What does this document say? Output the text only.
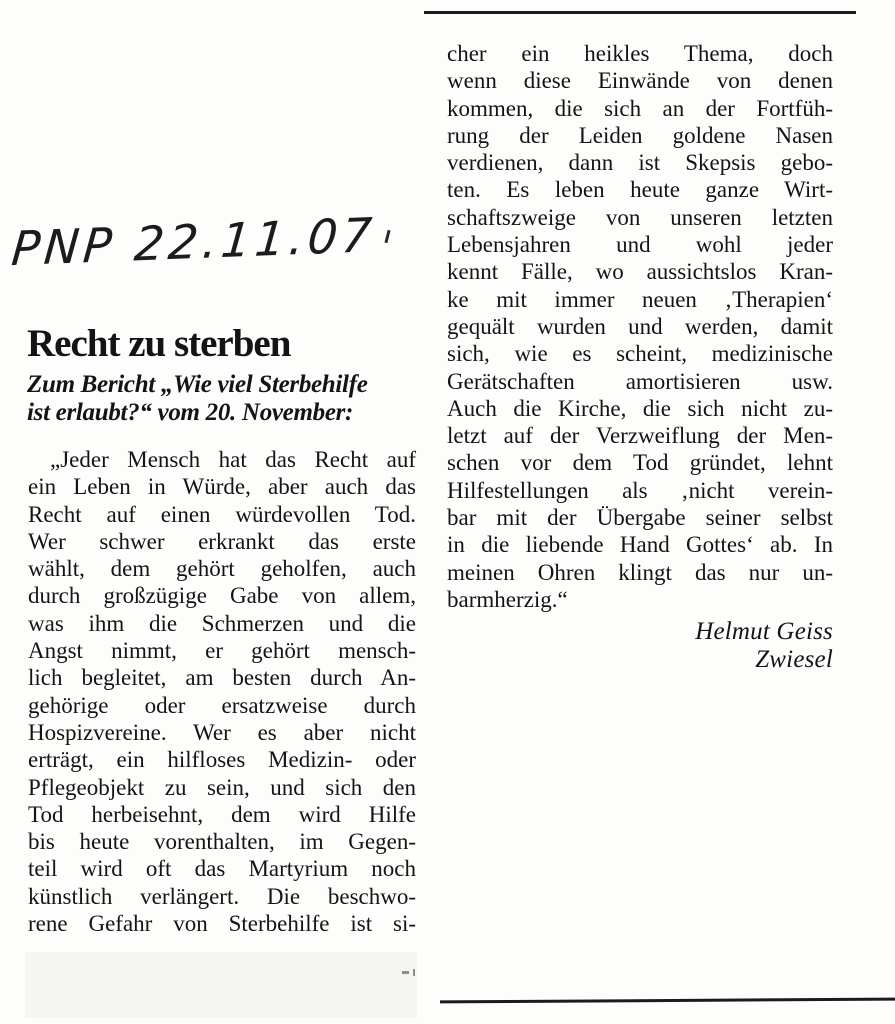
PNP 22.11.07
Recht zu sterben
Zum Bericht „Wie viel Sterbehilfe
ist erlaubt?“ vom 20. November:
„Jeder Mensch hat das Recht auf
ein Leben in Würde, aber auch das
Recht auf einen würdevollen Tod.
Wer schwer erkrankt das erste
wählt, dem gehört geholfen, auch
durch großzügige Gabe von allem,
was ihm die Schmerzen und die
Angst nimmt, er gehört mensch-
lich begleitet, am besten durch An-
gehörige oder ersatzweise durch
Hospizvereine. Wer es aber nicht
erträgt, ein hilfloses Medizin- oder
Pflegeobjekt zu sein, und sich den
Tod herbeisehnt, dem wird Hilfe
bis heute vorenthalten, im Gegen-
teil wird oft das Martyrium noch
künstlich verlängert. Die beschwo-
rene Gefahr von Sterbehilfe ist si-
cher ein heikles Thema, doch
wenn diese Einwände von denen
kommen, die sich an der Fortfüh-
rung der Leiden goldene Nasen
verdienen, dann ist Skepsis gebo-
ten. Es leben heute ganze Wirt-
schaftszweige von unseren letzten
Lebensjahren und wohl jeder
kennt Fälle, wo aussichtslos Kran-
ke mit immer neuen ‚Therapien‘
gequält wurden und werden, damit
sich, wie es scheint, medizinische
Gerätschaften amortisieren usw.
Auch die Kirche, die sich nicht zu-
letzt auf der Verzweiflung der Men-
schen vor dem Tod gründet, lehnt
Hilfestellungen als ‚nicht verein-
bar mit der Übergabe seiner selbst
in die liebende Hand Gottes‘ ab. In
meinen Ohren klingt das nur un-
barmherzig.“
Helmut Geiss
Zwiesel
